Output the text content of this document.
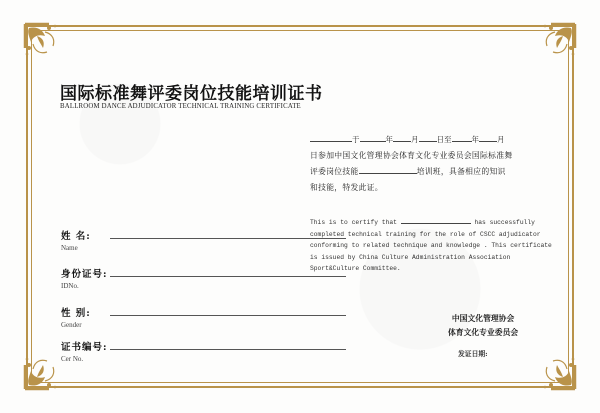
国际标准舞评委岗位技能培训证书
BALLROOM DANCE ADJUDICATOR TECHNICAL TRAINING CERTIFICATE
姓 名:
Name
身份证号:
IDNo.
性 别:
Gender
证书编号:
Cer No.
于	年 月 日至	年 月
日参加中国文化管理协会体育文化专业委员会国际标准舞
评委岗位技能	培训班，具备相应的知识
和技能，特发此证。
This is to certify that	has successfully completed technical training for the role of CSCC adjudicator conforming to related technique and knowledge . This certificate is issued by China Culture Administration Association Sport&Culture Committee.
中国文化管理协会
体育文化专业委员会
发证日期:
